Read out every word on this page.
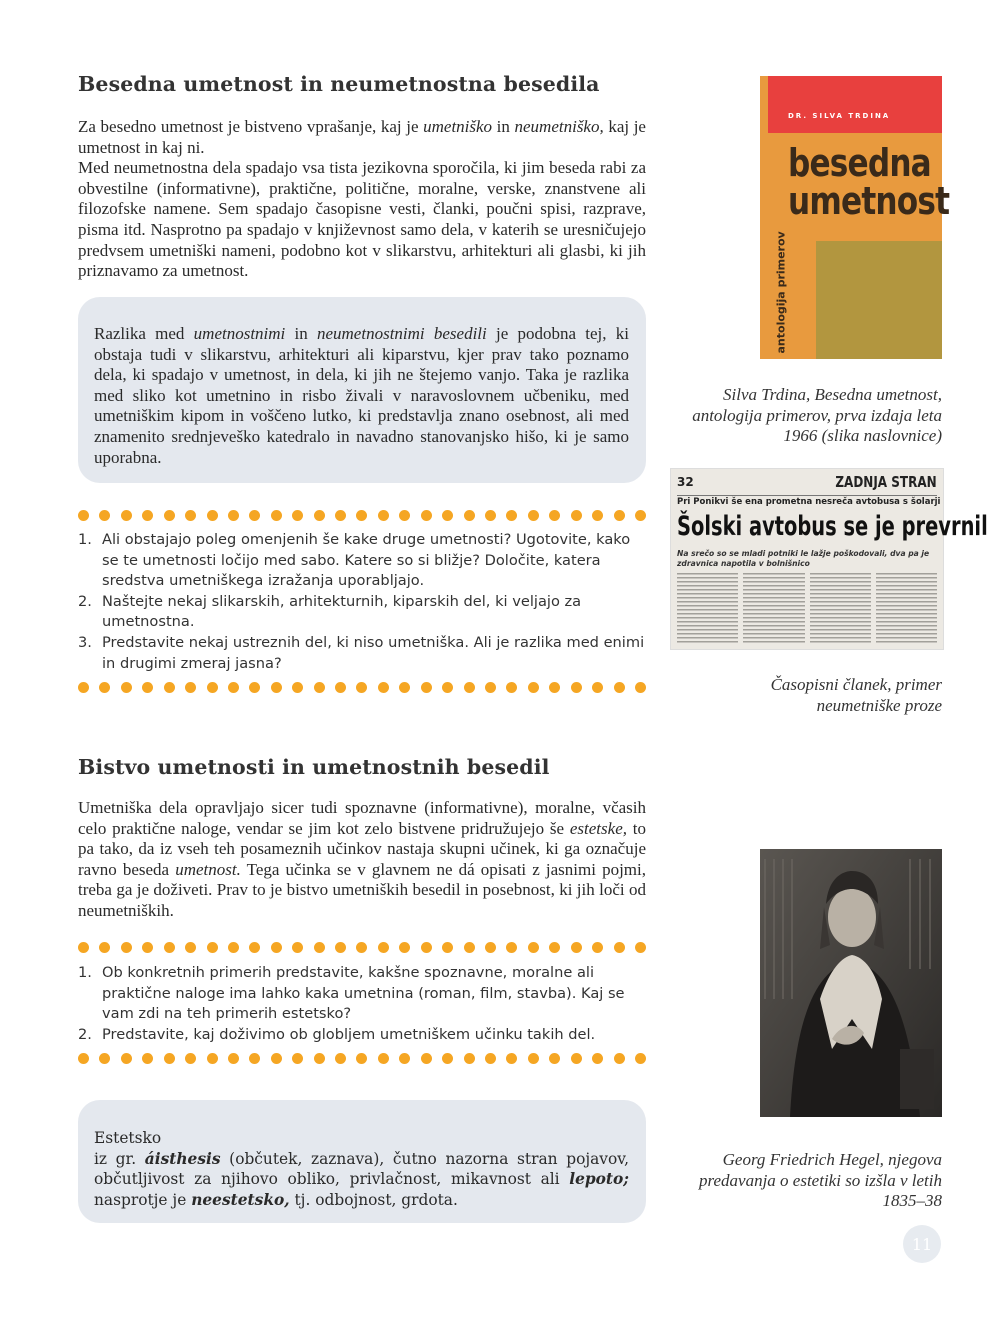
Besedna umetnost in neumetnostna besedila

Za besedno umetnost je bistveno vprašanje, kaj je umetniško in neumetniško, kaj je umetnost in kaj ni.

Med neumetnostna dela spadajo vsa tista jezikovna sporočila, ki jim beseda rabi za obvestilne (informativne), praktične, politične, moralne, verske, znanstvene ali filozofske namene. Sem spadajo časopisne vesti, članki, poučni spisi, razprave, pisma itd. Nasprotno pa spadajo v književnost samo dela, v katerih se uresničujejo predvsem umetniški nameni, podobno kot v slikarstvu, arhitekturi ali glasbi, ki jih priznavamo za umetnost.

Razlika med umetnostnimi in neumetnostnimi besedili je podobna tej, ki obstaja tudi v slikarstvu, arhitekturi ali kiparstvu, kjer prav tako poznamo dela, ki spadajo v umetnost, in dela, ki jih ne štejemo vanjo. Taka je razlika med sliko kot umetnino in risbo živali v naravoslovnem učbeniku, med umetniškim kipom in voščeno lutko, ki predstavlja znano osebnost, ali med znamenito srednjeveško katedralo in navadno stanovanjsko hišo, ki je samo uporabna.
1. Ali obstajajo poleg omenjenih še kake druge umetnosti? Ugotovite, kako se te umetnosti ločijo med sabo. Katere so si bližje? Določite, katera sredstva umetniškega izražanja uporabljajo.
2. Naštejte nekaj slikarskih, arhitekturnih, kiparskih del, ki veljajo za umetnostna.
3. Predstavite nekaj ustreznih del, ki niso umetniška. Ali je razlika med enimi in drugimi zmeraj jasna?
Bistvo umetnosti in umetnostnih besedil

Umetniška dela opravljajo sicer tudi spoznavne (informativne), moralne, včasih celo praktične naloge, vendar se jim kot zelo bistvene pridružujejo še estetske, to pa tako, da iz vseh teh posameznih učinkov nastaja skupni učinek, ki ga označuje ravno beseda umetnost. Tega učinka se v glavnem ne dá opisati z jasnimi pojmi, treba ga je doživeti. Prav to je bistvo umetniških besedil in posebnost, ki jih loči od neumetniških.

1. Ob konkretnih primerih predstavite, kakšne spoznavne, moralne ali praktične naloge ima lahko kaka umetnina (roman, film, stavba). Kaj se vam zdi na teh primerih estetsko?
2. Predstavite, kaj doživimo ob globljem umetniškem učinku takih del.
Estetsko
iz gr. áisthesis (občutek, zaznava), čutno nazorna stran pojavov, občutljivost za njihovo obliko, privlačnost, mikavnost ali lepoto; nasprotje je neestetsko, tj. odbojnost, grdota.
DR. SILVA TRDINA
besedna
umetnost
antologija primerov
Silva Trdina, Besedna umetnost, antologija primerov, prva izdaja leta 1966 (slika naslovnice)
32	ZADNJA STRAN
Pri Ponikvi še ena prometna nesreča avtobusa s šolarji
Šolski avtobus se je prevrnil
Na srečo so se mladi potniki le lažje poškodovali, dva pa je zdravnica napotila v bolnišnico
Časopisni članek, primer neumetniške proze
Georg Friedrich Hegel, njegova predavanja o estetiki so izšla v letih 1835–38
11
